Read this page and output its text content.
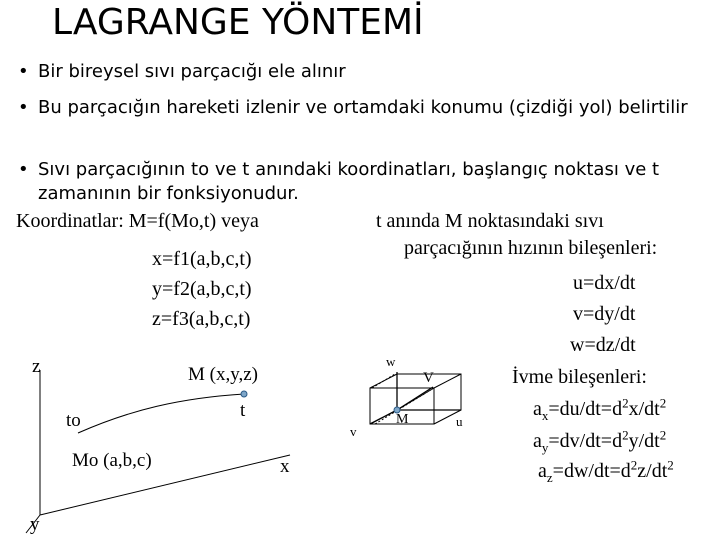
LAGRANGE YÖNTEMİ
• Bir bireysel sıvı parçacığı ele alınır
• Bu parçacığın hareketi izlenir ve ortamdaki konumu (çizdiği yol) belirtilir
• Sıvı parçacığının to ve t anındaki koordinatları, başlangıç noktası ve t zamanının bir fonksiyonudur.
Koordinatlar: M=f(Mo,t) veya
x=f1(a,b,c,t)
y=f2(a,b,c,t)
z=f3(a,b,c,t)
t anında M noktasındaki sıvı
parçacığının hızının bileşenleri:
u=dx/dt
v=dy/dt
w=dz/dt
İvme bileşenleri:
$a_x=du/dt=d^2x/dt^2$
$a_y=dv/dt=d^2y/dt^2$
$a_z=dw/dt=d^2z/dt^2$
z
y
x
M (x,y,z)
t
to
Mo (a,b,c)
w
V
v
M	u
